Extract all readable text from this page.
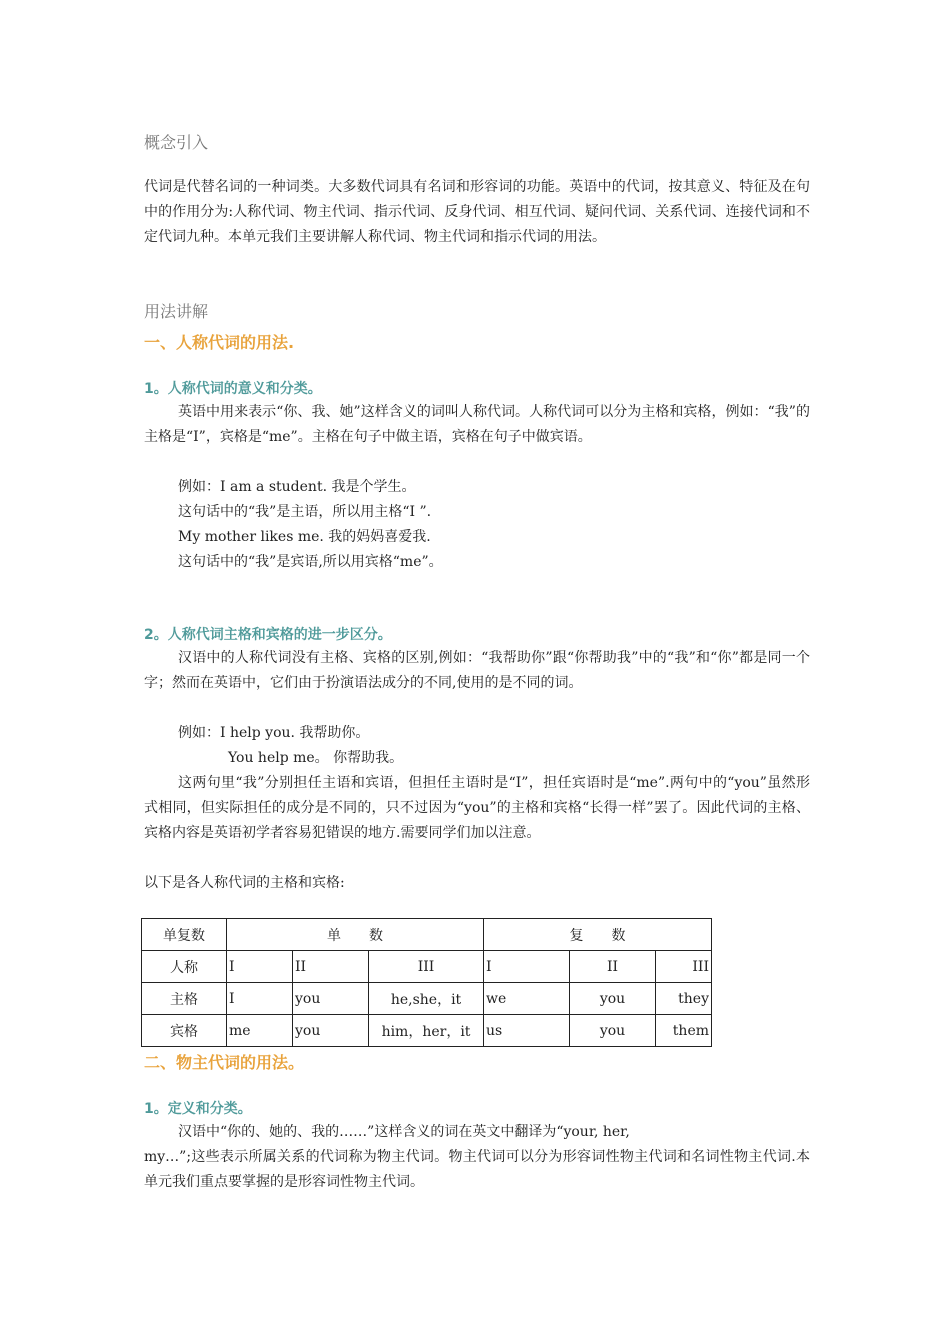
概念引入
代词是代替名词的一种词类。大多数代词具有名词和形容词的功能。英语中的代词，按其意义、特征及在句中的作用分为:人称代词、物主代词、指示代词、反身代词、相互代词、疑问代词、关系代词、连接代词和不定代词九种。本单元我们主要讲解人称代词、物主代词和指示代词的用法。
用法讲解
一、人称代词的用法.
1。人称代词的意义和分类。
英语中用来表示“你、我、她”这样含义的词叫人称代词。人称代词可以分为主格和宾格，例如：“我”的主格是“I”，宾格是“me”。主格在句子中做主语，宾格在句子中做宾语。
例如：I am a student. 我是个学生。
这句话中的“我”是主语，所以用主格“I ”.
My mother likes me. 我的妈妈喜爱我.
这句话中的“我”是宾语,所以用宾格“me”。
2。人称代词主格和宾格的进一步区分。
汉语中的人称代词没有主格、宾格的区别,例如：“我帮助你”跟“你帮助我”中的“我”和“你”都是同一个字；然而在英语中，它们由于扮演语法成分的不同,使用的是不同的词。
例如：I help you. 我帮助你。
You help me。 你帮助我。
这两句里“我”分别担任主语和宾语，但担任主语时是“I”，担任宾语时是“me”.两句中的“you”虽然形式相同，但实际担任的成分是不同的，只不过因为“you”的主格和宾格“长得一样”罢了。因此代词的主格、宾格内容是英语初学者容易犯错误的地方.需要同学们加以注意。
以下是各人称代词的主格和宾格:
单复数	单　　数			复　　数		
人称	I	II	III	I	II	III
主格	I	you	he,she，it	we	you	they
宾格	me	you	him，her，it	us	you	them
二、物主代词的用法。
1。定义和分类。
汉语中“你的、她的、我的……”这样含义的词在英文中翻译为“your, her,
my…”;这些表示所属关系的代词称为物主代词。物主代词可以分为形容词性物主代词和名词性物主代词.本单元我们重点要掌握的是形容词性物主代词。
